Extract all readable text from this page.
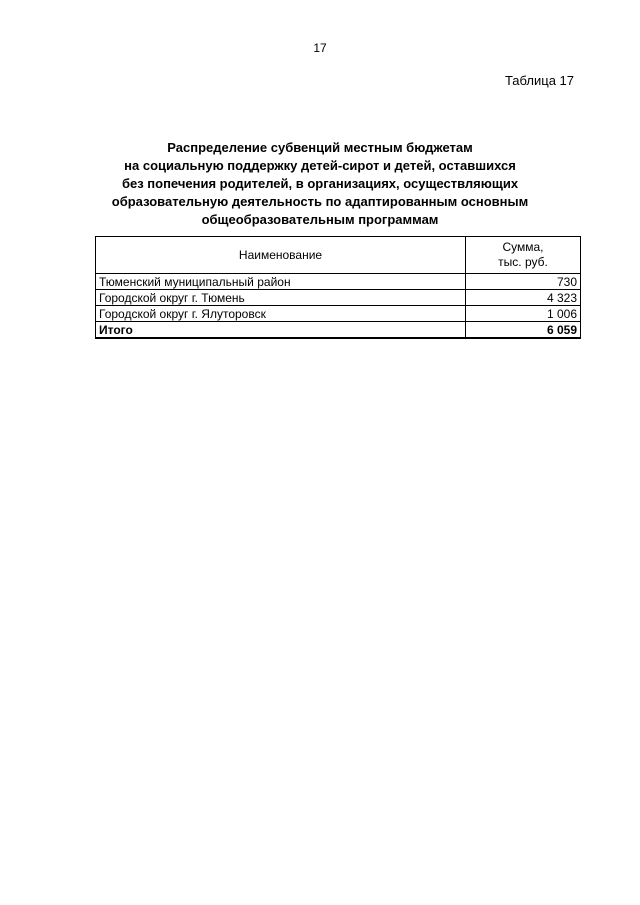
17
Таблица 17
Распределение субвенций местным бюджетам
на социальную поддержку детей-сирот и детей, оставшихся
без попечения родителей, в организациях, осуществляющих
образовательную деятельность по адаптированным основным
общеобразовательным программам
Наименование	Сумма,
тыс. руб.

Тюменский муниципальный район	730
Городской округ г. Тюмень	4 323
Городской округ г. Ялуторовск	1 006
Итого	6 059
